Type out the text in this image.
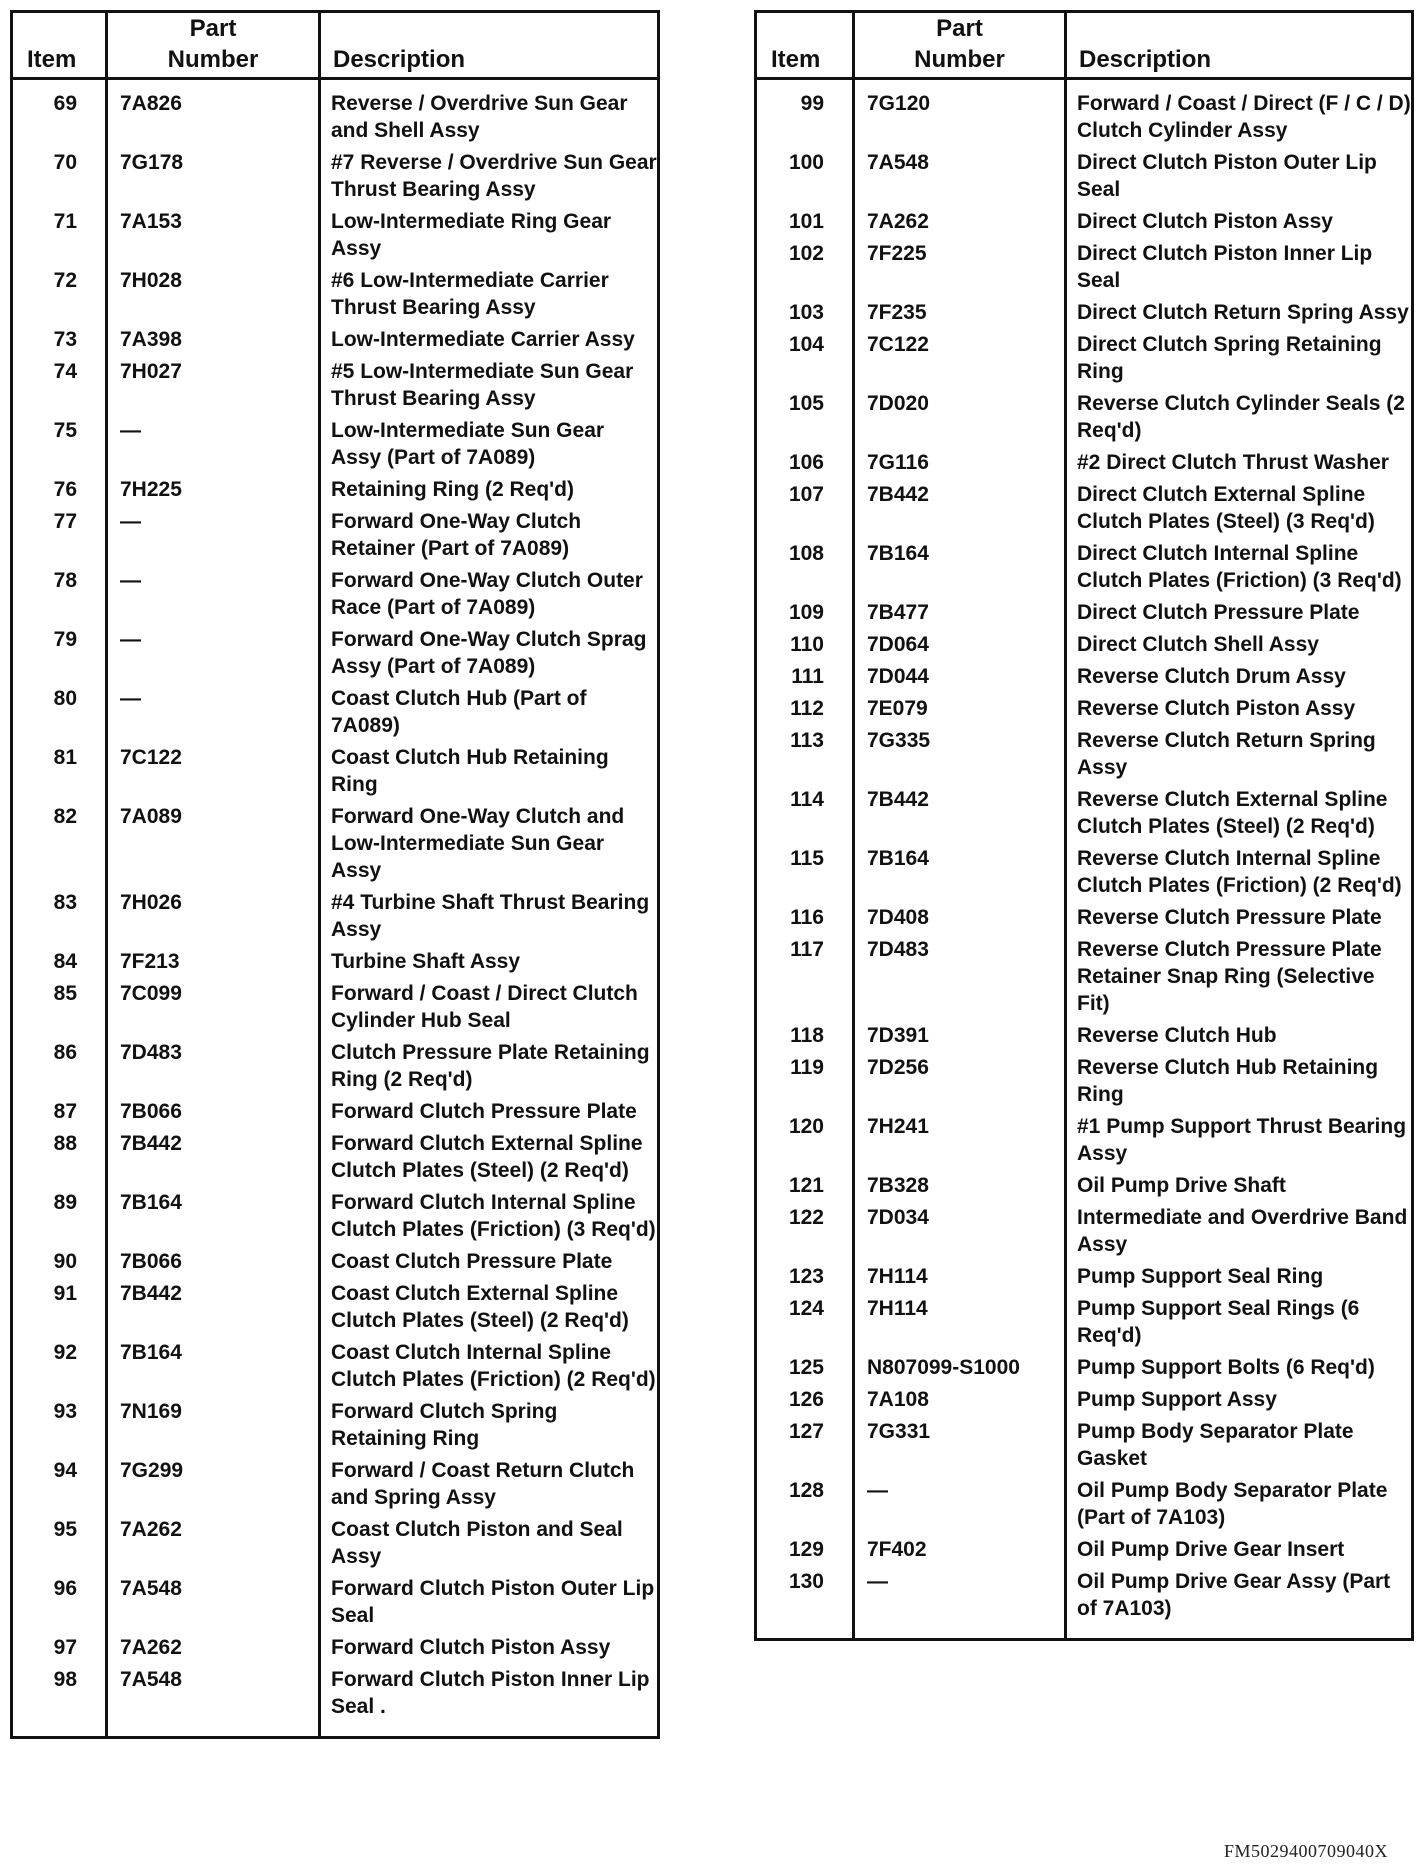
Item	Part
Number	Description
69	7A826	Reverse / Overdrive Sun Gear and Shell Assy
70	7G178	#7 Reverse / Overdrive Sun Gear Thrust Bearing Assy
71	7A153	Low-Intermediate Ring Gear Assy
72	7H028	#6 Low-Intermediate Carrier Thrust Bearing Assy
73	7A398	Low-Intermediate Carrier Assy
74	7H027	#5 Low-Intermediate Sun Gear Thrust Bearing Assy
75	—	Low-Intermediate Sun Gear Assy (Part of 7A089)
76	7H225	Retaining Ring (2 Req'd)
77	—	Forward One-Way Clutch Retainer (Part of 7A089)
78	—	Forward One-Way Clutch Outer Race (Part of 7A089)
79	—	Forward One-Way Clutch Sprag Assy (Part of 7A089)
80	—	Coast Clutch Hub (Part of 7A089)
81	7C122	Coast Clutch Hub Retaining Ring
82	7A089	Forward One-Way Clutch and Low-Intermediate Sun Gear Assy
83	7H026	#4 Turbine Shaft Thrust Bearing Assy
84	7F213	Turbine Shaft Assy
85	7C099	Forward / Coast / Direct Clutch Cylinder Hub Seal
86	7D483	Clutch Pressure Plate Retaining Ring (2 Req'd)
87	7B066	Forward Clutch Pressure Plate
88	7B442	Forward Clutch External Spline Clutch Plates (Steel) (2 Req'd)
89	7B164	Forward Clutch Internal Spline Clutch Plates (Friction) (3 Req'd)
90	7B066	Coast Clutch Pressure Plate
91	7B442	Coast Clutch External Spline Clutch Plates (Steel) (2 Req'd)
92	7B164	Coast Clutch Internal Spline Clutch Plates (Friction) (2 Req'd)
93	7N169	Forward Clutch Spring Retaining Ring
94	7G299	Forward / Coast Return Clutch and Spring Assy
95	7A262	Coast Clutch Piston and Seal Assy
96	7A548	Forward Clutch Piston Outer Lip Seal
97	7A262	Forward Clutch Piston Assy
98	7A548	Forward Clutch Piston Inner Lip Seal .
Item	Part
Number	Description
99	7G120	Forward / Coast / Direct (F / C / D) Clutch Cylinder Assy
100	7A548	Direct Clutch Piston Outer Lip Seal
101	7A262	Direct Clutch Piston Assy
102	7F225	Direct Clutch Piston Inner Lip Seal
103	7F235	Direct Clutch Return Spring Assy
104	7C122	Direct Clutch Spring Retaining Ring
105	7D020	Reverse Clutch Cylinder Seals (2 Req'd)
106	7G116	#2 Direct Clutch Thrust Washer
107	7B442	Direct Clutch External Spline Clutch Plates (Steel) (3 Req'd)
108	7B164	Direct Clutch Internal Spline Clutch Plates (Friction) (3 Req'd)
109	7B477	Direct Clutch Pressure Plate
110	7D064	Direct Clutch Shell Assy
111	7D044	Reverse Clutch Drum Assy
112	7E079	Reverse Clutch Piston Assy
113	7G335	Reverse Clutch Return Spring Assy
114	7B442	Reverse Clutch External Spline Clutch Plates (Steel) (2 Req'd)
115	7B164	Reverse Clutch Internal Spline Clutch Plates (Friction) (2 Req'd)
116	7D408	Reverse Clutch Pressure Plate
117	7D483	Reverse Clutch Pressure Plate Retainer Snap Ring (Selective Fit)
118	7D391	Reverse Clutch Hub
119	7D256	Reverse Clutch Hub Retaining Ring
120	7H241	#1 Pump Support Thrust Bearing Assy
121	7B328	Oil Pump Drive Shaft
122	7D034	Intermediate and Overdrive Band Assy
123	7H114	Pump Support Seal Ring
124	7H114	Pump Support Seal Rings (6 Req'd)
125	N807099-S1000	Pump Support Bolts (6 Req'd)
126	7A108	Pump Support Assy
127	7G331	Pump Body Separator Plate Gasket
128	—	Oil Pump Body Separator Plate (Part of 7A103)
129	7F402	Oil Pump Drive Gear Insert
130	—	Oil Pump Drive Gear Assy (Part of 7A103)
FM5029400709040X
